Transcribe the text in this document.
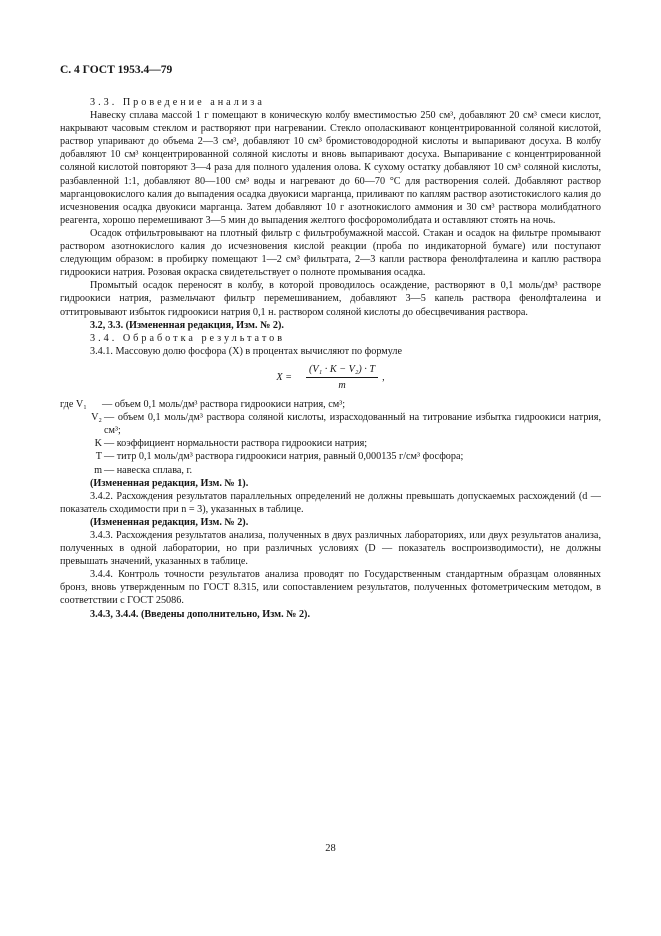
С. 4 ГОСТ 1953.4—79

3.3. Проведение анализа

Навеску сплава массой 1 г помещают в коническую колбу вместимостью 250 см³, добавляют 20 см³ смеси кислот, накрывают часовым стеклом и растворяют при нагревании. Стекло ополаскивают концентрированной соляной кислотой, раствор упаривают до объема 2—3 см³, добавляют 10 см³ бромистоводородной кислоты и выпаривают досуха. В колбу добавляют 10 см³ концентрированной соляной кислоты и вновь выпаривают досуха. Выпаривание с концентрированной соляной кислотой повторяют 3—4 раза для полного удаления олова. К сухому остатку добавляют 10 см³ соляной кислоты, разбавленной 1:1, добавляют 80—100 см³ воды и нагревают до 60—70 °С для растворения солей. Добавляют раствор марганцовокислого калия до выпадения осадка двуокиси марганца, приливают по каплям раствор азотистокислого калия до исчезновения осадка двуокиси марганца. Затем добавляют 10 г азотнокислого аммония и 30 см³ раствора молибдатного реагента, хорошо перемешивают 3—5 мин до выпадения желтого фосфоромолибдата и оставляют стоять на ночь.

Осадок отфильтровывают на плотный фильтр с фильтробумажной массой. Стакан и осадок на фильтре промывают раствором азотнокислого калия до исчезновения кислой реакции (проба по индикаторной бумаге) или поступают следующим образом: в пробирку помещают 1—2 см³ фильтрата, 2—3 капли раствора фенолфталеина и каплю раствора гидроокиси натрия. Розовая окраска свидетельствует о полноте промывания осадка.

Промытый осадок переносят в колбу, в которой проводилось осаждение, растворяют в 0,1 моль/дм³ растворе гидроокиси натрия, размельчают фильтр перемешиванием, добавляют 3—5 капель раствора фенолфталеина и оттитровывают избыток гидроокиси натрия 0,1 н. раствором соляной кислоты до обесцвечивания раствора.

3.2, 3.3. (Измененная редакция, Изм. № 2).

3.4. Обработка результатов

3.4.1. Массовую долю фосфора (X) в процентах вычисляют по формуле

$X = \frac{\text{(V₁ · K − V₂) · T}}{m}$ ,
где V₁	— объем 0,1 моль/дм³ раствора гидроокиси натрия, см³;
V₂ — объем 0,1 моль/дм³ раствора соляной кислоты, израсходованный на титрование избытка гидроокиси натрия, см³;
K — коэффициент нормальности раствора гидроокиси натрия;
T — титр 0,1 моль/дм³ раствора гидроокиси натрия, равный 0,000135 г/см³ фосфора;
m — навеска сплава, г.

(Измененная редакция, Изм. № 1).

3.4.2. Расхождения результатов параллельных определений не должны превышать допускаемых расхождений (d — показатель сходимости при n = 3), указанных в таблице.

(Измененная редакция, Изм. № 2).

3.4.3. Расхождения результатов анализа, полученных в двух различных лабораториях, или двух результатов анализа, полученных в одной лаборатории, но при различных условиях (D — показатель воспроизводимости), не должны превышать значений, указанных в таблице.

3.4.4. Контроль точности результатов анализа проводят по Государственным стандартным образцам оловянных бронз, вновь утвержденным по ГОСТ 8.315, или сопоставлением результатов, полученных фотометрическим методом, в соответствии с ГОСТ 25086.

3.4.3, 3.4.4. (Введены дополнительно, Изм. № 2).

28
